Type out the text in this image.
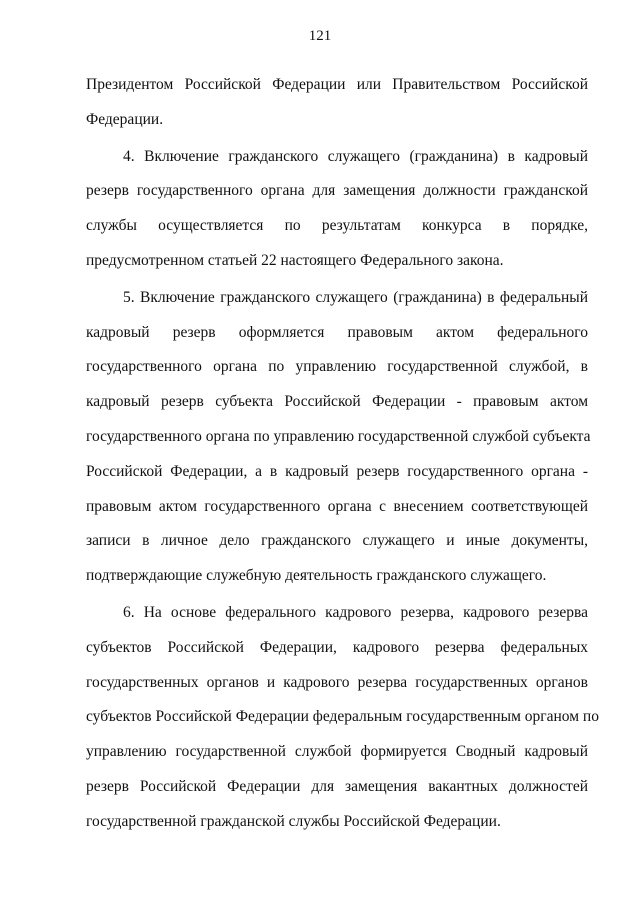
121
Президентом Российской Федерации или Правительством Российской
Федерации.
4. Включение гражданского служащего (гражданина) в кадровый
резерв государственного органа для замещения должности гражданской
службы осуществляется по результатам конкурса в порядке,
предусмотренном статьей 22 настоящего Федерального закона.
5. Включение гражданского служащего (гражданина) в федеральный
кадровый резерв оформляется правовым актом федерального
государственного органа по управлению государственной службой, в
кадровый резерв субъекта Российской Федерации - правовым актом
государственного органа по управлению государственной службой субъекта
Российской Федерации, а в кадровый резерв государственного органа -
правовым актом государственного органа с внесением соответствующей
записи в личное дело гражданского служащего и иные документы,
подтверждающие служебную деятельность гражданского служащего.
6. На основе федерального кадрового резерва, кадрового резерва
субъектов Российской Федерации, кадрового резерва федеральных
государственных органов и кадрового резерва государственных органов
субъектов Российской Федерации федеральным государственным органом по
управлению государственной службой формируется Сводный кадровый
резерв Российской Федерации для замещения вакантных должностей
государственной гражданской службы Российской Федерации.
